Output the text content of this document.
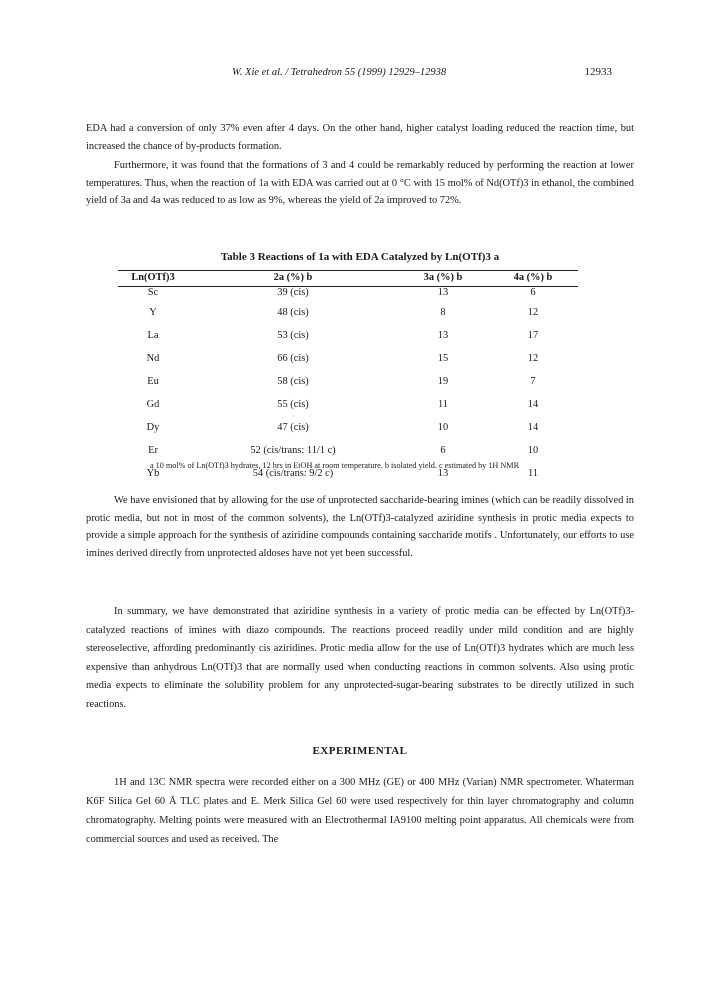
W. Xie et al. / Tetrahedron 55 (1999) 12929–12938	12933

EDA had a conversion of only 37% even after 4 days. On the other hand, higher catalyst loading reduced the reaction time, but increased the chance of by-products formation.

Furthermore, it was found that the formations of 3 and 4 could be remarkably reduced by performing the reaction at lower temperatures. Thus, when the reaction of 1a with EDA was carried out at 0 °C with 15 mol% of Nd(OTf)3 in ethanol, the combined yield of 3a and 4a was reduced to as low as 9%, whereas the yield of 2a improved to 72%.

Table 3 Reactions of 1a with EDA Catalyzed by Ln(OTf)3 a
Ln(OTf)3	2a (%) b	3a (%) b	4a (%) b
Sc	39 (cis)	13	6
Y	48 (cis)	8	12
La	53 (cis)	13	17
Nd	66 (cis)	15	12
Eu	58 (cis)	19	7
Gd	55 (cis)	11	14
Dy	47 (cis)	10	14
Er	52 (cis/trans: 11/1 c)	6	10
Yb	54 (cis/trans: 9/2 c)	13	11
a 10 mol% of Ln(OTf)3 hydrates, 12 hrs in EtOH at room temperature. b isolated yield. c estimated by 1H NMR

We have envisioned that by allowing for the use of unprotected saccharide-bearing imines (which can be readily dissolved in protic media, but not in most of the common solvents), the Ln(OTf)3-catalyzed aziridine synthesis in protic media expects to provide a simple approach for the synthesis of aziridine compounds containing saccharide motifs . Unfortunately, our efforts to use imines derived directly from unprotected aldoses have not yet been successful.

In summary, we have demonstrated that aziridine synthesis in a variety of protic media can be effected by Ln(OTf)3-catalyzed reactions of imines with diazo compounds. The reactions proceed readily under mild condition and are highly stereoselective, affording predominantly cis aziridines. Protic media allow for the use of Ln(OTf)3 hydrates which are much less expensive than anhydrous Ln(OTf)3 that are normally used when conducting reactions in common solvents. Also using protic media expects to eliminate the solubility problem for any unprotected-sugar-bearing substrates to be directly utilized in such reactions.

EXPERIMENTAL

1H and 13C NMR spectra were recorded either on a 300 MHz (GE) or 400 MHz (Varian) NMR spectrometer. Whaterman K6F Silica Gel 60 Å TLC plates and E. Merk Silica Gel 60 were used respectively for thin layer chromatography and column chromatography. Melting points were measured with an Electrothermal IA9100 melting point apparatus. All chemicals were from commercial sources and used as received. The
